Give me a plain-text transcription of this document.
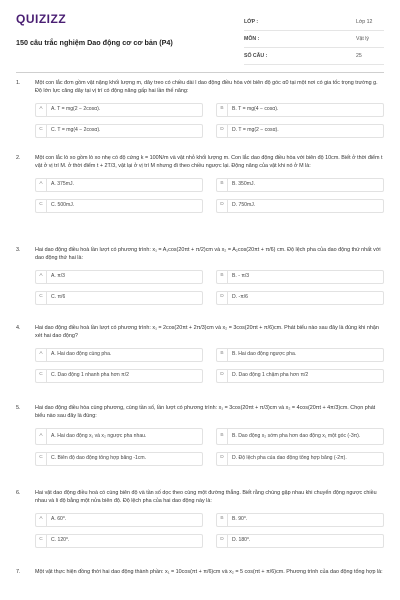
QUIZIZZ
150 câu trắc nghiệm Dao động cơ cơ bản (P4)
LỚP :	Lớp 12
MÔN :	Vật lý
SỐ CÂU :	25
1.	Một con lắc đơn gồm vật nặng khối lượng m, dây treo có chiều dài l dao động điều hòa với biên độ góc α0 tại một nơi có gia tốc trọng trường g. Độ lớn lực căng dây tại vị trí có động năng gấp hai lần thế năng:
A	A. T = mg(2 − 2cosα).	B	B. T = mg(4 − cosα).
C	C. T = mg(4 − 2cosα).	D	D. T = mg(2 − cosα).
2.	Một con lắc lò xo gồm lò xo nhẹ có độ cứng k = 100N/m và vật nhỏ khối lượng m. Con lắc dao động điều hòa với biên độ 10cm. Biết ở thời điểm t vật ở vị trí M. ở thời điểm t + 2T/3, vật lại ở vị trí M nhưng đi theo chiều ngược lại. Động năng của vật khi nó ở M là:
A	A. 375mJ.	B	B. 350mJ.
C	C. 500mJ.	D	D. 750mJ.
3.	Hai dao động điều hoà lần lượt có phương trình: x₁ = A₁cos(20πt + π/2)cm và x₂ = A₂cos(20πt + π/6) cm. Độ lệch pha của dao động thứ nhất với dao động thứ hai là:
A	A. π/3	B	B. - π/3
C	C. π/6	D	D. -π/6
4.	Hai dao động điều hoà lần lượt có phương trình: x₁ = 2cos(20πt + 2π/3)cm và x₂ = 3cos(20πt + π/6)cm. Phát biểu nào sau đây là đúng khi nhận xét hai dao động?
A	A. Hai dao động cùng pha.	B	B. Hai dao động ngược pha.
C	C. Dao động 1 nhanh pha hơn π/2	D	D. Dao động 1 chậm pha hơn π/2
5.	Hai dao động điều hòa cùng phương, cùng tần số, lần lượt có phương trình: x₁ = 3cos(20πt + π/3)cm và x₂ = 4cos(20πt + 4π/3)cm. Chọn phát biểu nào sau đây là đúng:
A	A. Hai dao động x₁ và x₂ ngược pha nhau.	B	B. Dao động x₂ sớm pha hơn dao động x₁ một góc (-3π).
C	C. Biên độ dao động tổng hợp bằng -1cm.	D	D. Độ lệch pha của dao động tổng hợp bằng (-2π).
6.	Hai vật dao động điều hoà có cùng biên độ và tần số dọc theo cùng một đường thẳng. Biết rằng chúng gặp nhau khi chuyển động ngược chiều nhau và li độ bằng một nửa biên độ. Độ lệch pha của hai dao động này là:
A	A. 60⁰.	B	B. 90⁰.
C	C. 120⁰.	D	D. 180⁰.
7.	Một vật thực hiện đồng thời hai dao động thành phần: x₁ = 10cos(πt + π/6)cm và x₂ = 5 cos(πt + π/6)cm. Phương trình của dao động tổng hợp là:
